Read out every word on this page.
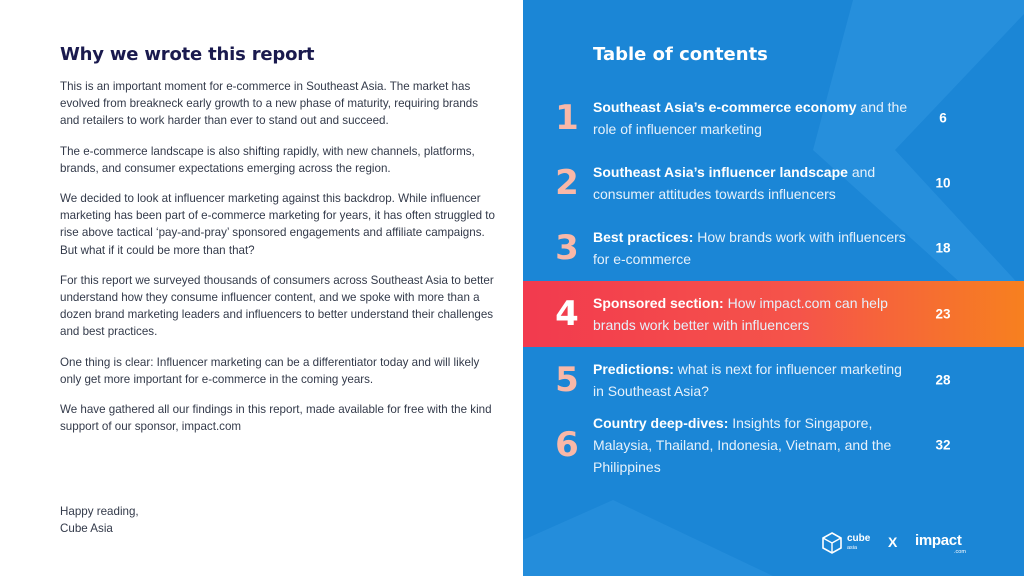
Why we wrote this report

This is an important moment for e-commerce in Southeast Asia. The market has evolved from breakneck early growth to a new phase of maturity, requiring brands and retailers to work harder than ever to stand out and succeed.

The e-commerce landscape is also shifting rapidly, with new channels, platforms, brands, and consumer expectations emerging across the region.

We decided to look at influencer marketing against this backdrop. While influencer marketing has been part of e-commerce marketing for years, it has often struggled to rise above tactical ‘pay-and-pray’ sponsored engagements and affiliate campaigns. But what if it could be more than that?

For this report we surveyed thousands of consumers across Southeast Asia to better understand how they consume influencer content, and we spoke with more than a dozen brand marketing leaders and influencers to better understand their challenges and best practices.

One thing is clear: Influencer marketing can be a differentiator today and will likely only get more important for e-commerce in the coming years.

We have gathered all our findings in this report, made available for free with the kind support of our sponsor, impact.com

Happy reading,
Cube Asia
Table of contents
1 Southeast Asia’s e-commerce economy and the role of influencer marketing
6
2 Southeast Asia’s influencer landscape and consumer attitudes towards influencers
10
3 Best practices: How brands work with influencers for e-commerce
18
4 Sponsored section: How impact.com can help brands work better with influencers
23
5 Predictions: what is next for influencer marketing in Southeast Asia?
28
6
Country deep-dives: Insights for Singapore, Malaysia, Thailand, Indonesia, Vietnam, and the Philippines
32
cube
asia X impact
.com
